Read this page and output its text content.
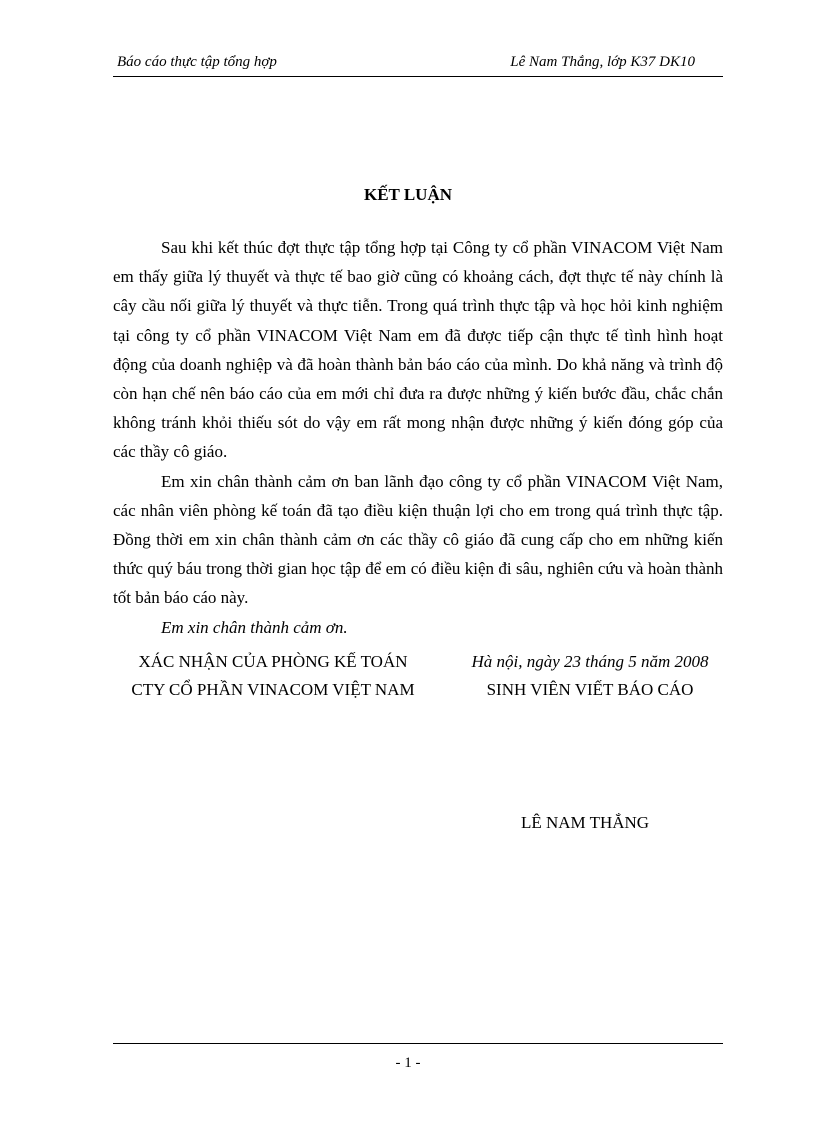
Báo cáo thực tập tổng hợp	Lê Nam Thắng, lớp K37 DK10
KẾT LUẬN

Sau khi kết thúc đợt thực tập tổng hợp tại Công ty cổ phần VINACOM Việt Nam em thấy giữa lý thuyết và thực tế bao giờ cũng có khoảng cách, đợt thực tế này chính là cây cầu nối giữa lý thuyết và thực tiễn. Trong quá trình thực tập và học hỏi kinh nghiệm tại công ty cổ phần VINACOM Việt Nam em đã được tiếp cận thực tế tình hình hoạt động của doanh nghiệp và đã hoàn thành bản báo cáo của mình. Do khả năng và trình độ còn hạn chế nên báo cáo của em mới chỉ đưa ra được những ý kiến bước đầu, chắc chắn không tránh khỏi thiếu sót do vậy em rất mong nhận được những ý kiến đóng góp của các thầy cô giáo.

Em xin chân thành cảm ơn ban lãnh đạo công ty cổ phần VINACOM Việt Nam, các nhân viên phòng kế toán đã tạo điều kiện thuận lợi cho em trong quá trình thực tập. Đồng thời em xin chân thành cảm ơn các thầy cô giáo đã cung cấp cho em những kiến thức quý báu trong thời gian học tập để em có điều kiện đi sâu, nghiên cứu và hoàn thành tốt bản báo cáo này.

Em xin chân thành cảm ơn.

XÁC NHẬN CỦA PHÒNG KẾ TOÁN
CTY CỔ PHẦN VINACOM VIỆT NAM
Hà nội, ngày 23 tháng 5 năm 2008
SINH VIÊN VIẾT BÁO CÁO
LÊ NAM THẮNG
- 1 -
